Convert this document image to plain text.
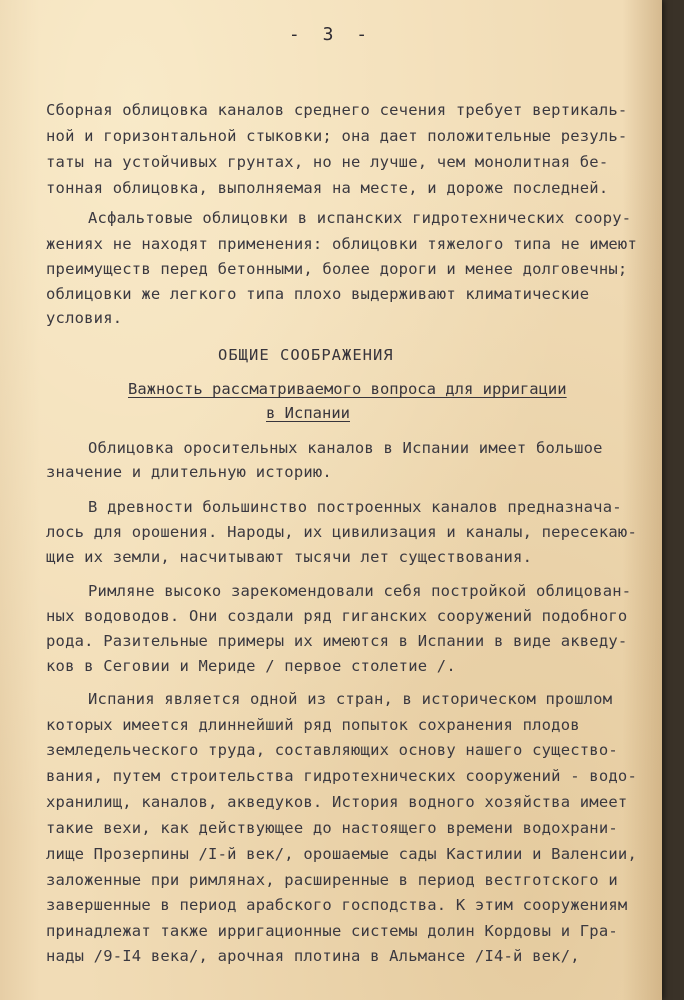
- 3 -
Сборная облицовка каналов среднего сечения требует вертикаль-
ной и горизонтальной стыковки; она дает положительные резуль-
таты на устойчивых грунтах, но не лучше, чем монолитная бе-
тонная облицовка, выполняемая на месте, и дороже последней.
Асфальтовые облицовки в испанских гидротехнических соору-
жениях не находят применения: облицовки тяжелого типа не имеют
преимуществ перед бетонными, более дороги и менее долговечны;
облицовки же легкого типа плохо выдерживают климатические
условия.
ОБЩИЕ СООБРАЖЕНИЯ
Важность рассматриваемого вопроса для ирригации
в Испании
Облицовка оросительных каналов в Испании имеет большое
значение и длительную историю.
В древности большинство построенных каналов предназнача-
лось для орошения. Народы, их цивилизация и каналы, пересекаю-
щие их земли, насчитывают тысячи лет существования.
Римляне высоко зарекомендовали себя постройкой облицован-
ных водоводов. Они создали ряд гиганских сооружений подобного
рода. Разительные примеры их имеются в Испании в виде акведу-
ков в Сеговии и Мериде / первое столетие /.
Испания является одной из стран, в историческом прошлом
которых имеется длиннейший ряд попыток сохранения плодов
земледельческого труда, составляющих основу нашего существо-
вания, путем строительства гидротехнических сооружений - водо-
хранилищ, каналов, акведуков. История водного хозяйства имеет
такие вехи, как действующее до настоящего времени водохрани-
лище Прозерпины /I-й век/, орошаемые сады Кастилии и Валенсии,
заложенные при римлянах, расширенные в период вестготского и
завершенные в период арабского господства. К этим сооружениям
принадлежат также ирригационные системы долин Кордовы и Гра-
нады /9-I4 века/, арочная плотина в Альмансе /I4-й век/,
